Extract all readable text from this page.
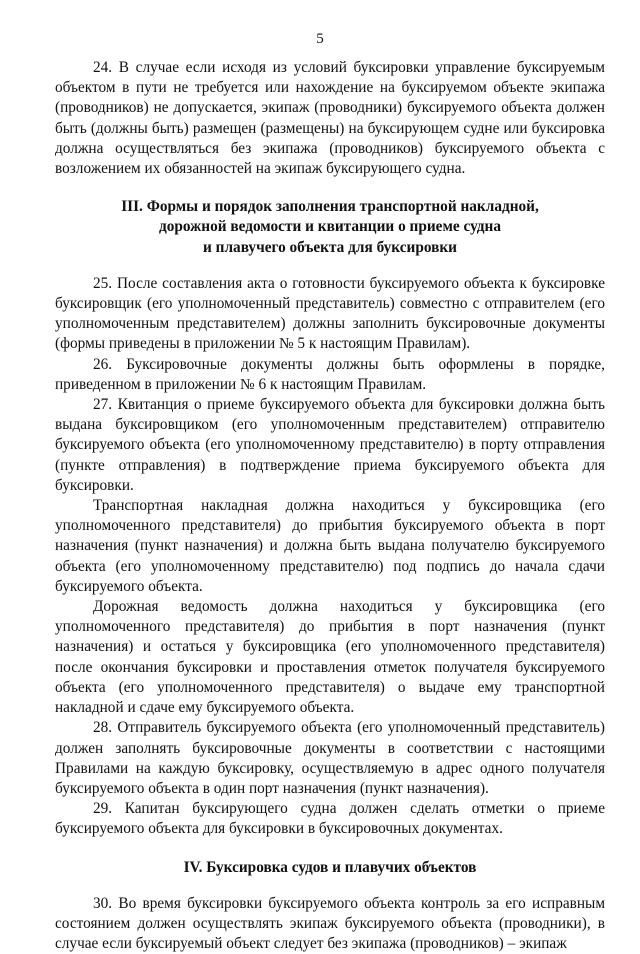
5

24. В случае если исходя из условий буксировки управление буксируемым объектом в пути не требуется или нахождение на буксируемом объекте экипажа (проводников) не допускается, экипаж (проводники) буксируемого объекта должен быть (должны быть) размещен (размещены) на буксирующем судне или буксировка должна осуществляться без экипажа (проводников) буксируемого объекта с возложением их обязанностей на экипаж буксирующего судна.

III. Формы и порядок заполнения транспортной накладной,
дорожной ведомости и квитанции о приеме судна
и плавучего объекта для буксировки

25. После составления акта о готовности буксируемого объекта к буксировке буксировщик (его уполномоченный представитель) совместно с отправителем (его уполномоченным представителем) должны заполнить буксировочные документы (формы приведены в приложении № 5 к настоящим Правилам).

26. Буксировочные документы должны быть оформлены в порядке, приведенном в приложении № 6 к настоящим Правилам.

27. Квитанция о приеме буксируемого объекта для буксировки должна быть выдана буксировщиком (его уполномоченным представителем) отправителю буксируемого объекта (его уполномоченному представителю) в порту отправления (пункте отправления) в подтверждение приема буксируемого объекта для буксировки.

Транспортная накладная должна находиться у буксировщика (его уполномоченного представителя) до прибытия буксируемого объекта в порт назначения (пункт назначения) и должна быть выдана получателю буксируемого объекта (его уполномоченному представителю) под подпись до начала сдачи буксируемого объекта.

Дорожная ведомость должна находиться у буксировщика (его уполномоченного представителя) до прибытия в порт назначения (пункт назначения) и остаться у буксировщика (его уполномоченного представителя) после окончания буксировки и проставления отметок получателя буксируемого объекта (его уполномоченного представителя) о выдаче ему транспортной накладной и сдаче ему буксируемого объекта.

28. Отправитель буксируемого объекта (его уполномоченный представитель) должен заполнять буксировочные документы в соответствии с настоящими Правилами на каждую буксировку, осуществляемую в адрес одного получателя буксируемого объекта в один порт назначения (пункт назначения).

29. Капитан буксирующего судна должен сделать отметки о приеме буксируемого объекта для буксировки в буксировочных документах.

IV. Буксировка судов и плавучих объектов

30. Во время буксировки буксируемого объекта контроль за его исправным состоянием должен осуществлять экипаж буксируемого объекта (проводники), в случае если буксируемый объект следует без экипажа (проводников) – экипаж
